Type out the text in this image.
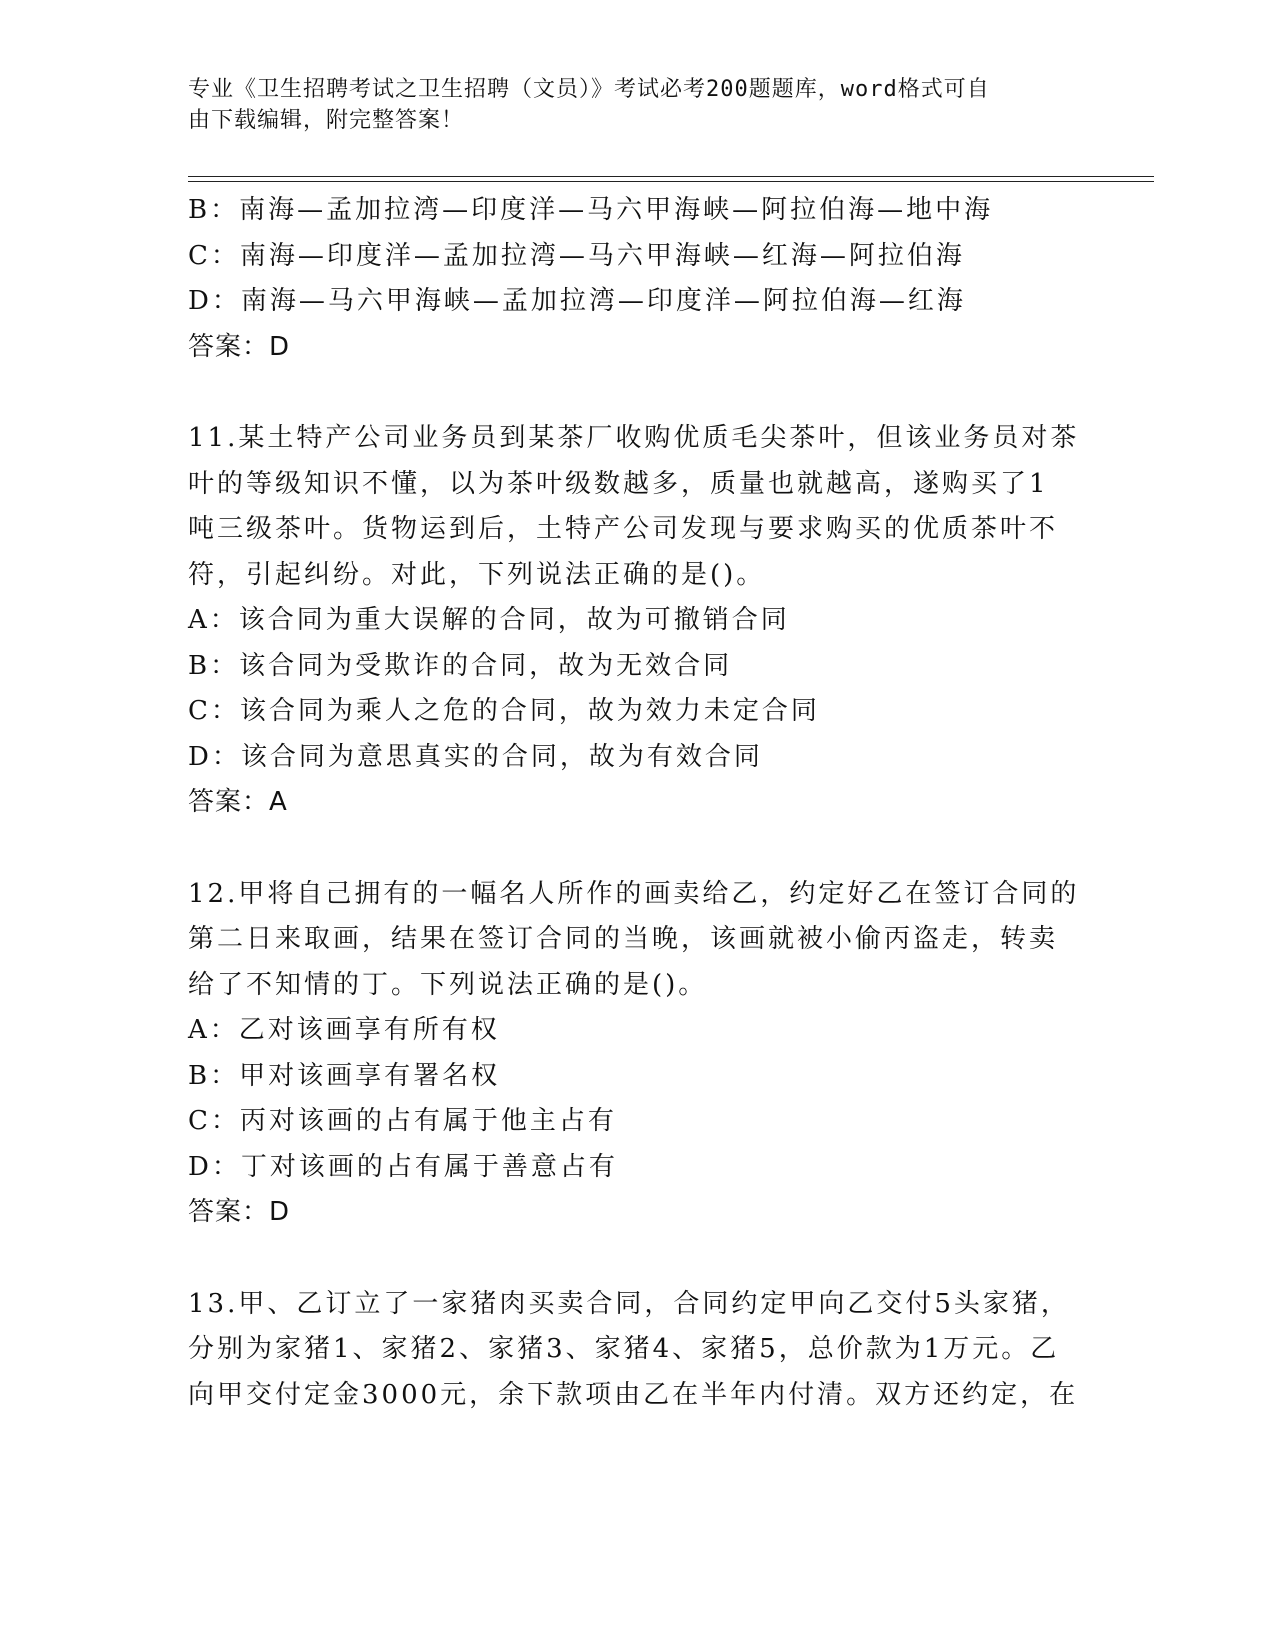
专业《卫生招聘考试之卫生招聘（文员）》考试必考200题题库，word格式可自
由下载编辑，附完整答案！
B：南海—孟加拉湾—印度洋—马六甲海峡—阿拉伯海—地中海
C：南海—印度洋—孟加拉湾—马六甲海峡—红海—阿拉伯海
D：南海—马六甲海峡—孟加拉湾—印度洋—阿拉伯海—红海
答案：D
11.某土特产公司业务员到某茶厂收购优质毛尖茶叶，但该业务员对茶
叶的等级知识不懂，以为茶叶级数越多，质量也就越高，遂购买了1
吨三级茶叶。货物运到后，土特产公司发现与要求购买的优质茶叶不
符，引起纠纷。对此，下列说法正确的是()。
A：该合同为重大误解的合同，故为可撤销合同
B：该合同为受欺诈的合同，故为无效合同
C：该合同为乘人之危的合同，故为效力未定合同
D：该合同为意思真实的合同，故为有效合同
答案：A
12.甲将自己拥有的一幅名人所作的画卖给乙，约定好乙在签订合同的
第二日来取画，结果在签订合同的当晚，该画就被小偷丙盗走，转卖
给了不知情的丁。下列说法正确的是()。
A：乙对该画享有所有权
B：甲对该画享有署名权
C：丙对该画的占有属于他主占有
D：丁对该画的占有属于善意占有
答案：D
13.甲、乙订立了一家猪肉买卖合同，合同约定甲向乙交付5头家猪，
分别为家猪1、家猪2、家猪3、家猪4、家猪5，总价款为1万元。乙
向甲交付定金3000元，余下款项由乙在半年内付清。双方还约定，在
